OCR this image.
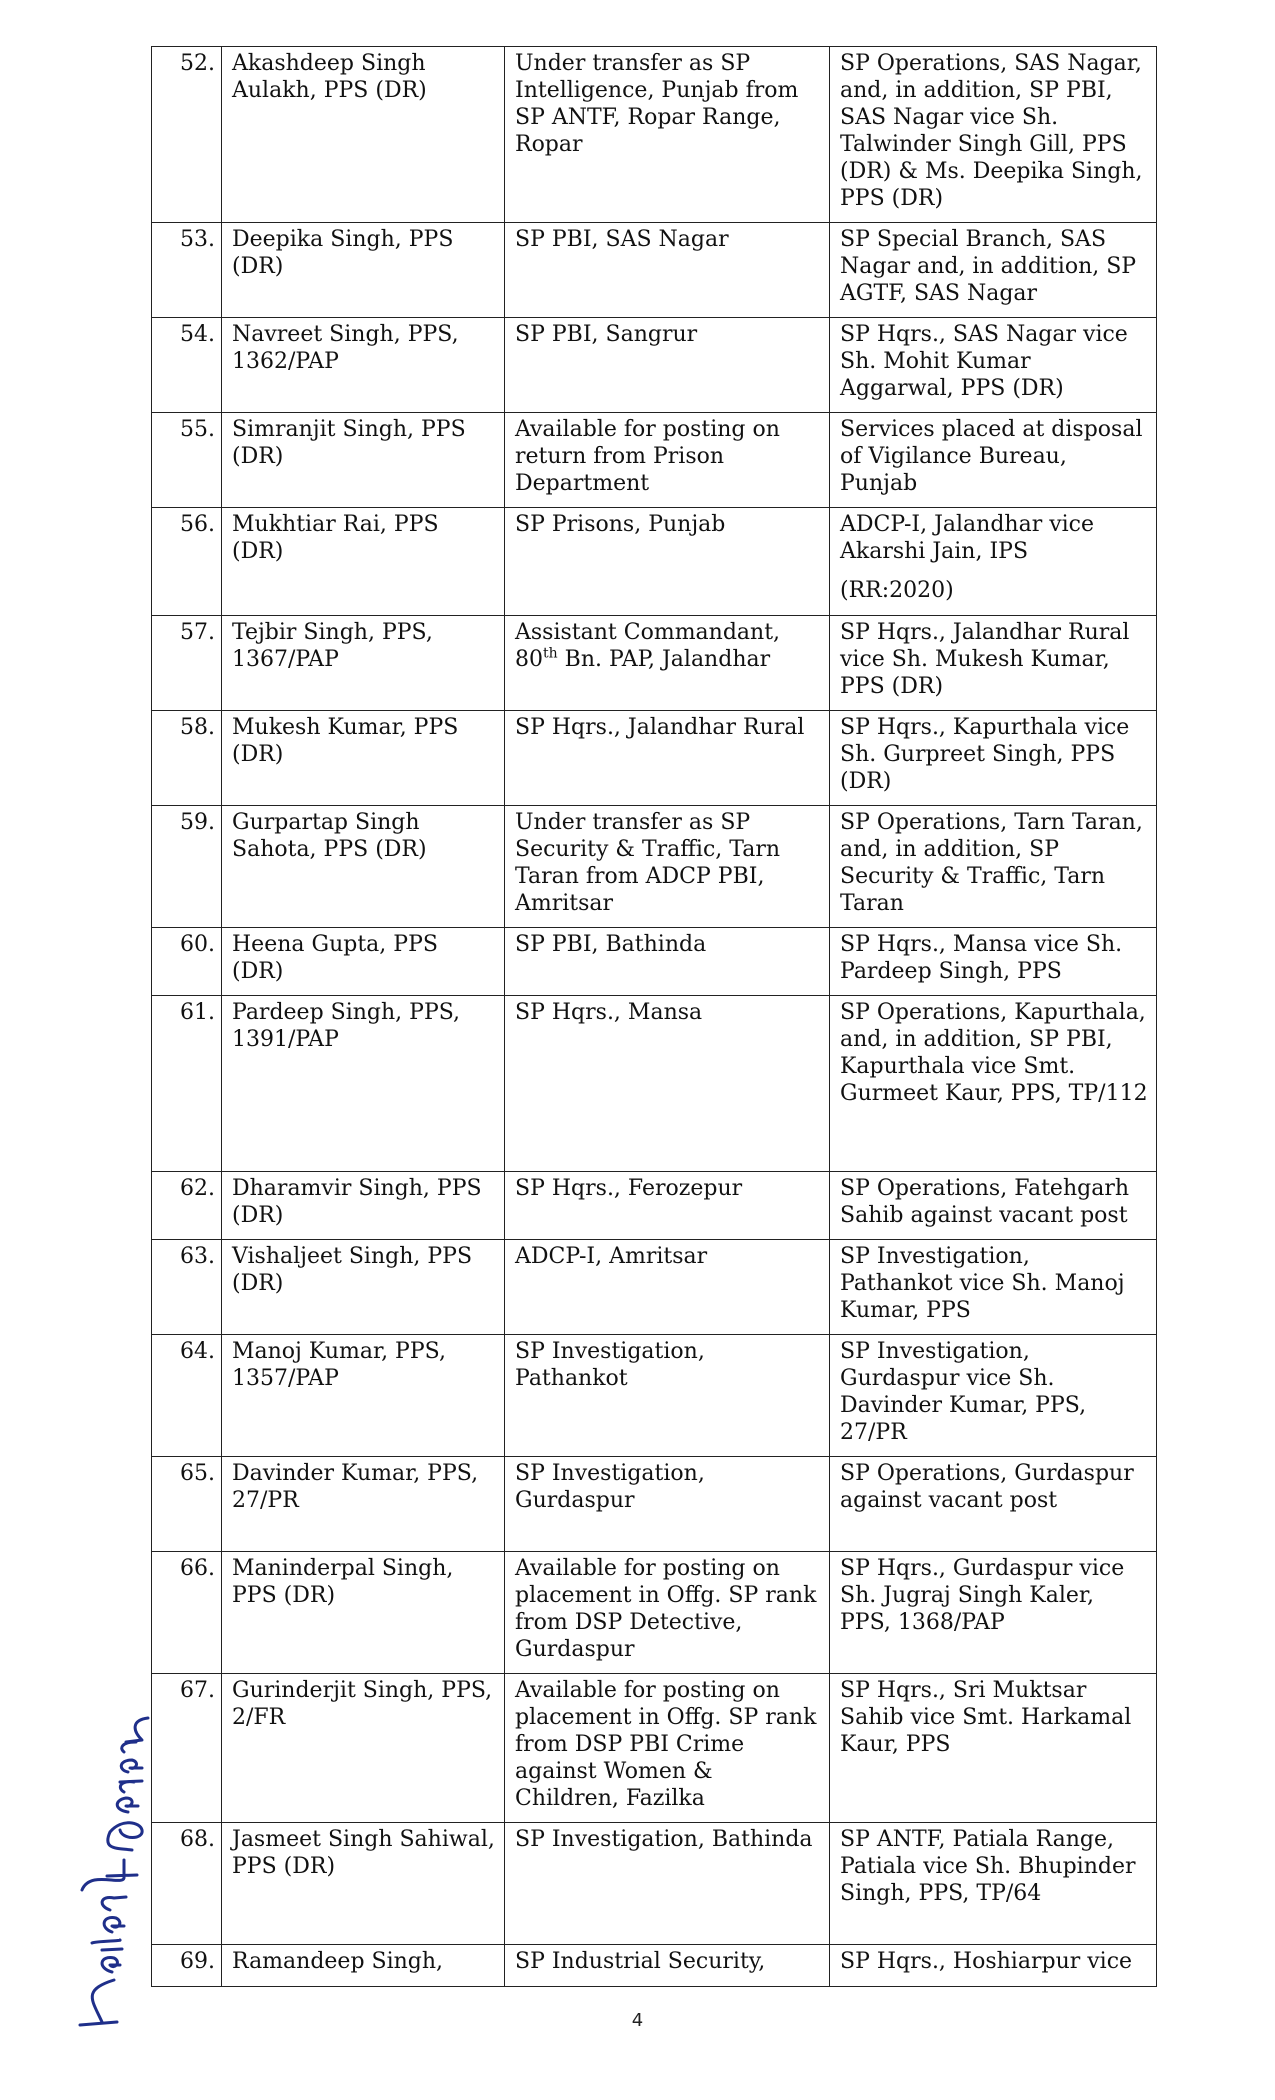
52.	Akashdeep Singh Aulakh, PPS (DR)	Under transfer as SP Intelligence, Punjab from SP ANTF, Ropar Range, Ropar	SP Operations, SAS Nagar, and, in addition, SP PBI, SAS Nagar vice Sh. Talwinder Singh Gill, PPS (DR) & Ms. Deepika Singh, PPS (DR)
53.	Deepika Singh, PPS (DR)	SP PBI, SAS Nagar	SP Special Branch, SAS Nagar and, in addition, SP AGTF, SAS Nagar
54.	Navreet Singh, PPS, 1362/PAP	SP PBI, Sangrur	SP Hqrs., SAS Nagar vice Sh. Mohit Kumar Aggarwal, PPS (DR)
55.	Simranjit Singh, PPS (DR)	Available for posting on return from Prison Department	Services placed at disposal of Vigilance Bureau, Punjab
56.	Mukhtiar Rai, PPS (DR)	SP Prisons, Punjab	ADCP-I, Jalandhar vice Akarshi Jain, IPS
(RR:2020)

57.	Tejbir Singh, PPS, 1367/PAP	Assistant Commandant, 80th Bn. PAP, Jalandhar	SP Hqrs., Jalandhar Rural vice Sh. Mukesh Kumar, PPS (DR)
58.	Mukesh Kumar, PPS (DR)	SP Hqrs., Jalandhar Rural	SP Hqrs., Kapurthala vice Sh. Gurpreet Singh, PPS (DR)
59.	Gurpartap Singh Sahota, PPS (DR)	Under transfer as SP Security & Traffic, Tarn Taran from ADCP PBI, Amritsar	SP Operations, Tarn Taran, and, in addition, SP Security & Traffic, Tarn Taran
60.	Heena Gupta, PPS (DR)	SP PBI, Bathinda	SP Hqrs., Mansa vice Sh. Pardeep Singh, PPS
61.	Pardeep Singh, PPS, 1391/PAP	SP Hqrs., Mansa	SP Operations, Kapurthala, and, in addition, SP PBI, Kapurthala vice Smt. Gurmeet Kaur, PPS, TP/112
62.	Dharamvir Singh, PPS (DR)	SP Hqrs., Ferozepur	SP Operations, Fatehgarh Sahib against vacant post
63.	Vishaljeet Singh, PPS (DR)	ADCP-I, Amritsar	SP Investigation, Pathankot vice Sh. Manoj Kumar, PPS
64.	Manoj Kumar, PPS, 1357/PAP	SP Investigation, Pathankot	SP Investigation, Gurdaspur vice Sh. Davinder Kumar, PPS, 27/PR
65.	Davinder Kumar, PPS, 27/PR	SP Investigation, Gurdaspur	SP Operations, Gurdaspur against vacant post
66.	Maninderpal Singh, PPS (DR)	Available for posting on placement in Offg. SP rank from DSP Detective, Gurdaspur	SP Hqrs., Gurdaspur vice Sh. Jugraj Singh Kaler, PPS, 1368/PAP
67.	Gurinderjit Singh, PPS, 2/FR	Available for posting on placement in Offg. SP rank from DSP PBI Crime against Women & Children, Fazilka	SP Hqrs., Sri Muktsar Sahib vice Smt. Harkamal Kaur, PPS
68.	Jasmeet Singh Sahiwal, PPS (DR)	SP Investigation, Bathinda	SP ANTF, Patiala Range, Patiala vice Sh. Bhupinder Singh, PPS, TP/64
69.	Ramandeep Singh,	SP Industrial Security,	SP Hqrs., Hoshiarpur vice
4
